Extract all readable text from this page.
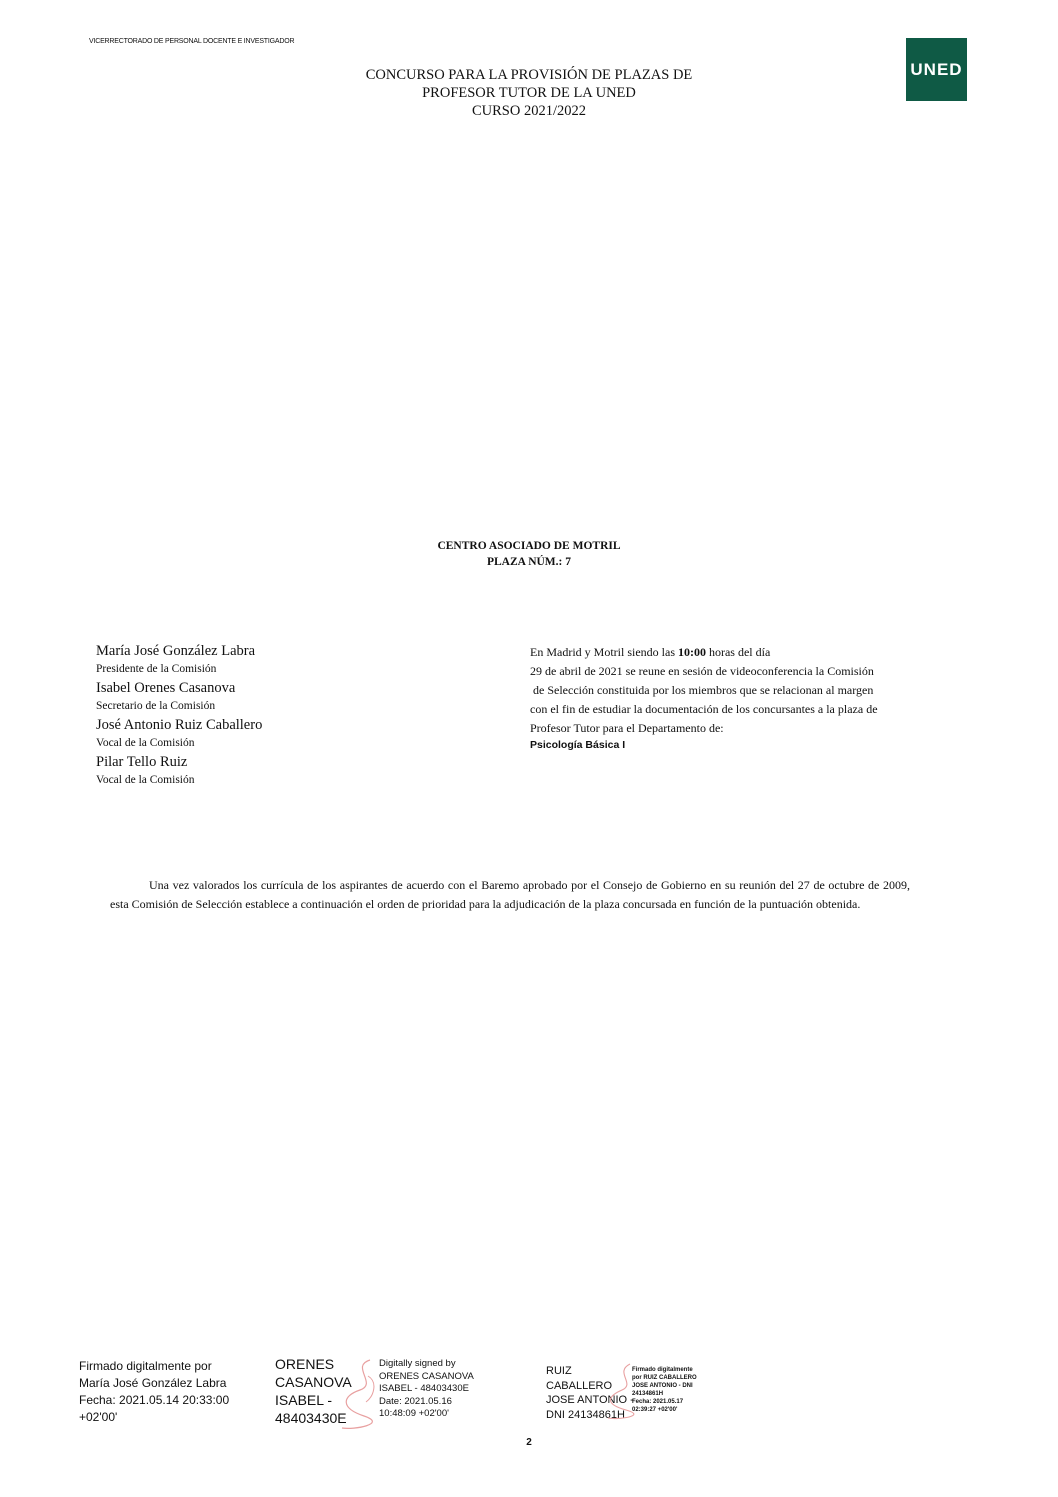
VICERRECTORADO DE PERSONAL DOCENTE E INVESTIGADOR
UNED
CONCURSO PARA LA PROVISIÓN DE PLAZAS DE
PROFESOR TUTOR DE LA UNED
CURSO 2021/2022
CENTRO ASOCIADO DE MOTRIL
PLAZA NÚM.: 7
María José González Labra
Presidente de la Comisión
Isabel Orenes Casanova
Secretario de la Comisión
José Antonio Ruiz Caballero
Vocal de la Comisión
Pilar Tello Ruiz
Vocal de la Comisión
En Madrid y Motril siendo las 10:00 horas del día
29 de abril de 2021 se reune en sesión de videoconferencia la Comisión
de Selección constituida por los miembros que se relacionan al margen
con el fin de estudiar la documentación de los concursantes a la plaza de
Profesor Tutor para el Departamento de:
Psicología Básica I
Una vez valorados los currícula de los aspirantes de acuerdo con el Baremo aprobado por el Consejo de Gobierno en su reunión del 27 de octubre de 2009, esta Comisión de Selección establece a continuación el orden de prioridad para la adjudicación de la plaza concursada en función de la puntuación obtenida.
Firmado digitalmente por
María José González Labra
Fecha: 2021.05.14 20:33:00
+02'00'
ORENES
CASANOVA
ISABEL -
48403430E
Digitally signed by
ORENES CASANOVA
ISABEL - 48403430E
Date: 2021.05.16
10:48:09 +02'00'
RUIZ
CABALLERO
JOSE ANTONIO -
DNI 24134861H
Firmado digitalmente
por RUIZ CABALLERO
JOSE ANTONIO - DNI
24134861H
Fecha: 2021.05.17
02:39:27 +02'00'
2
